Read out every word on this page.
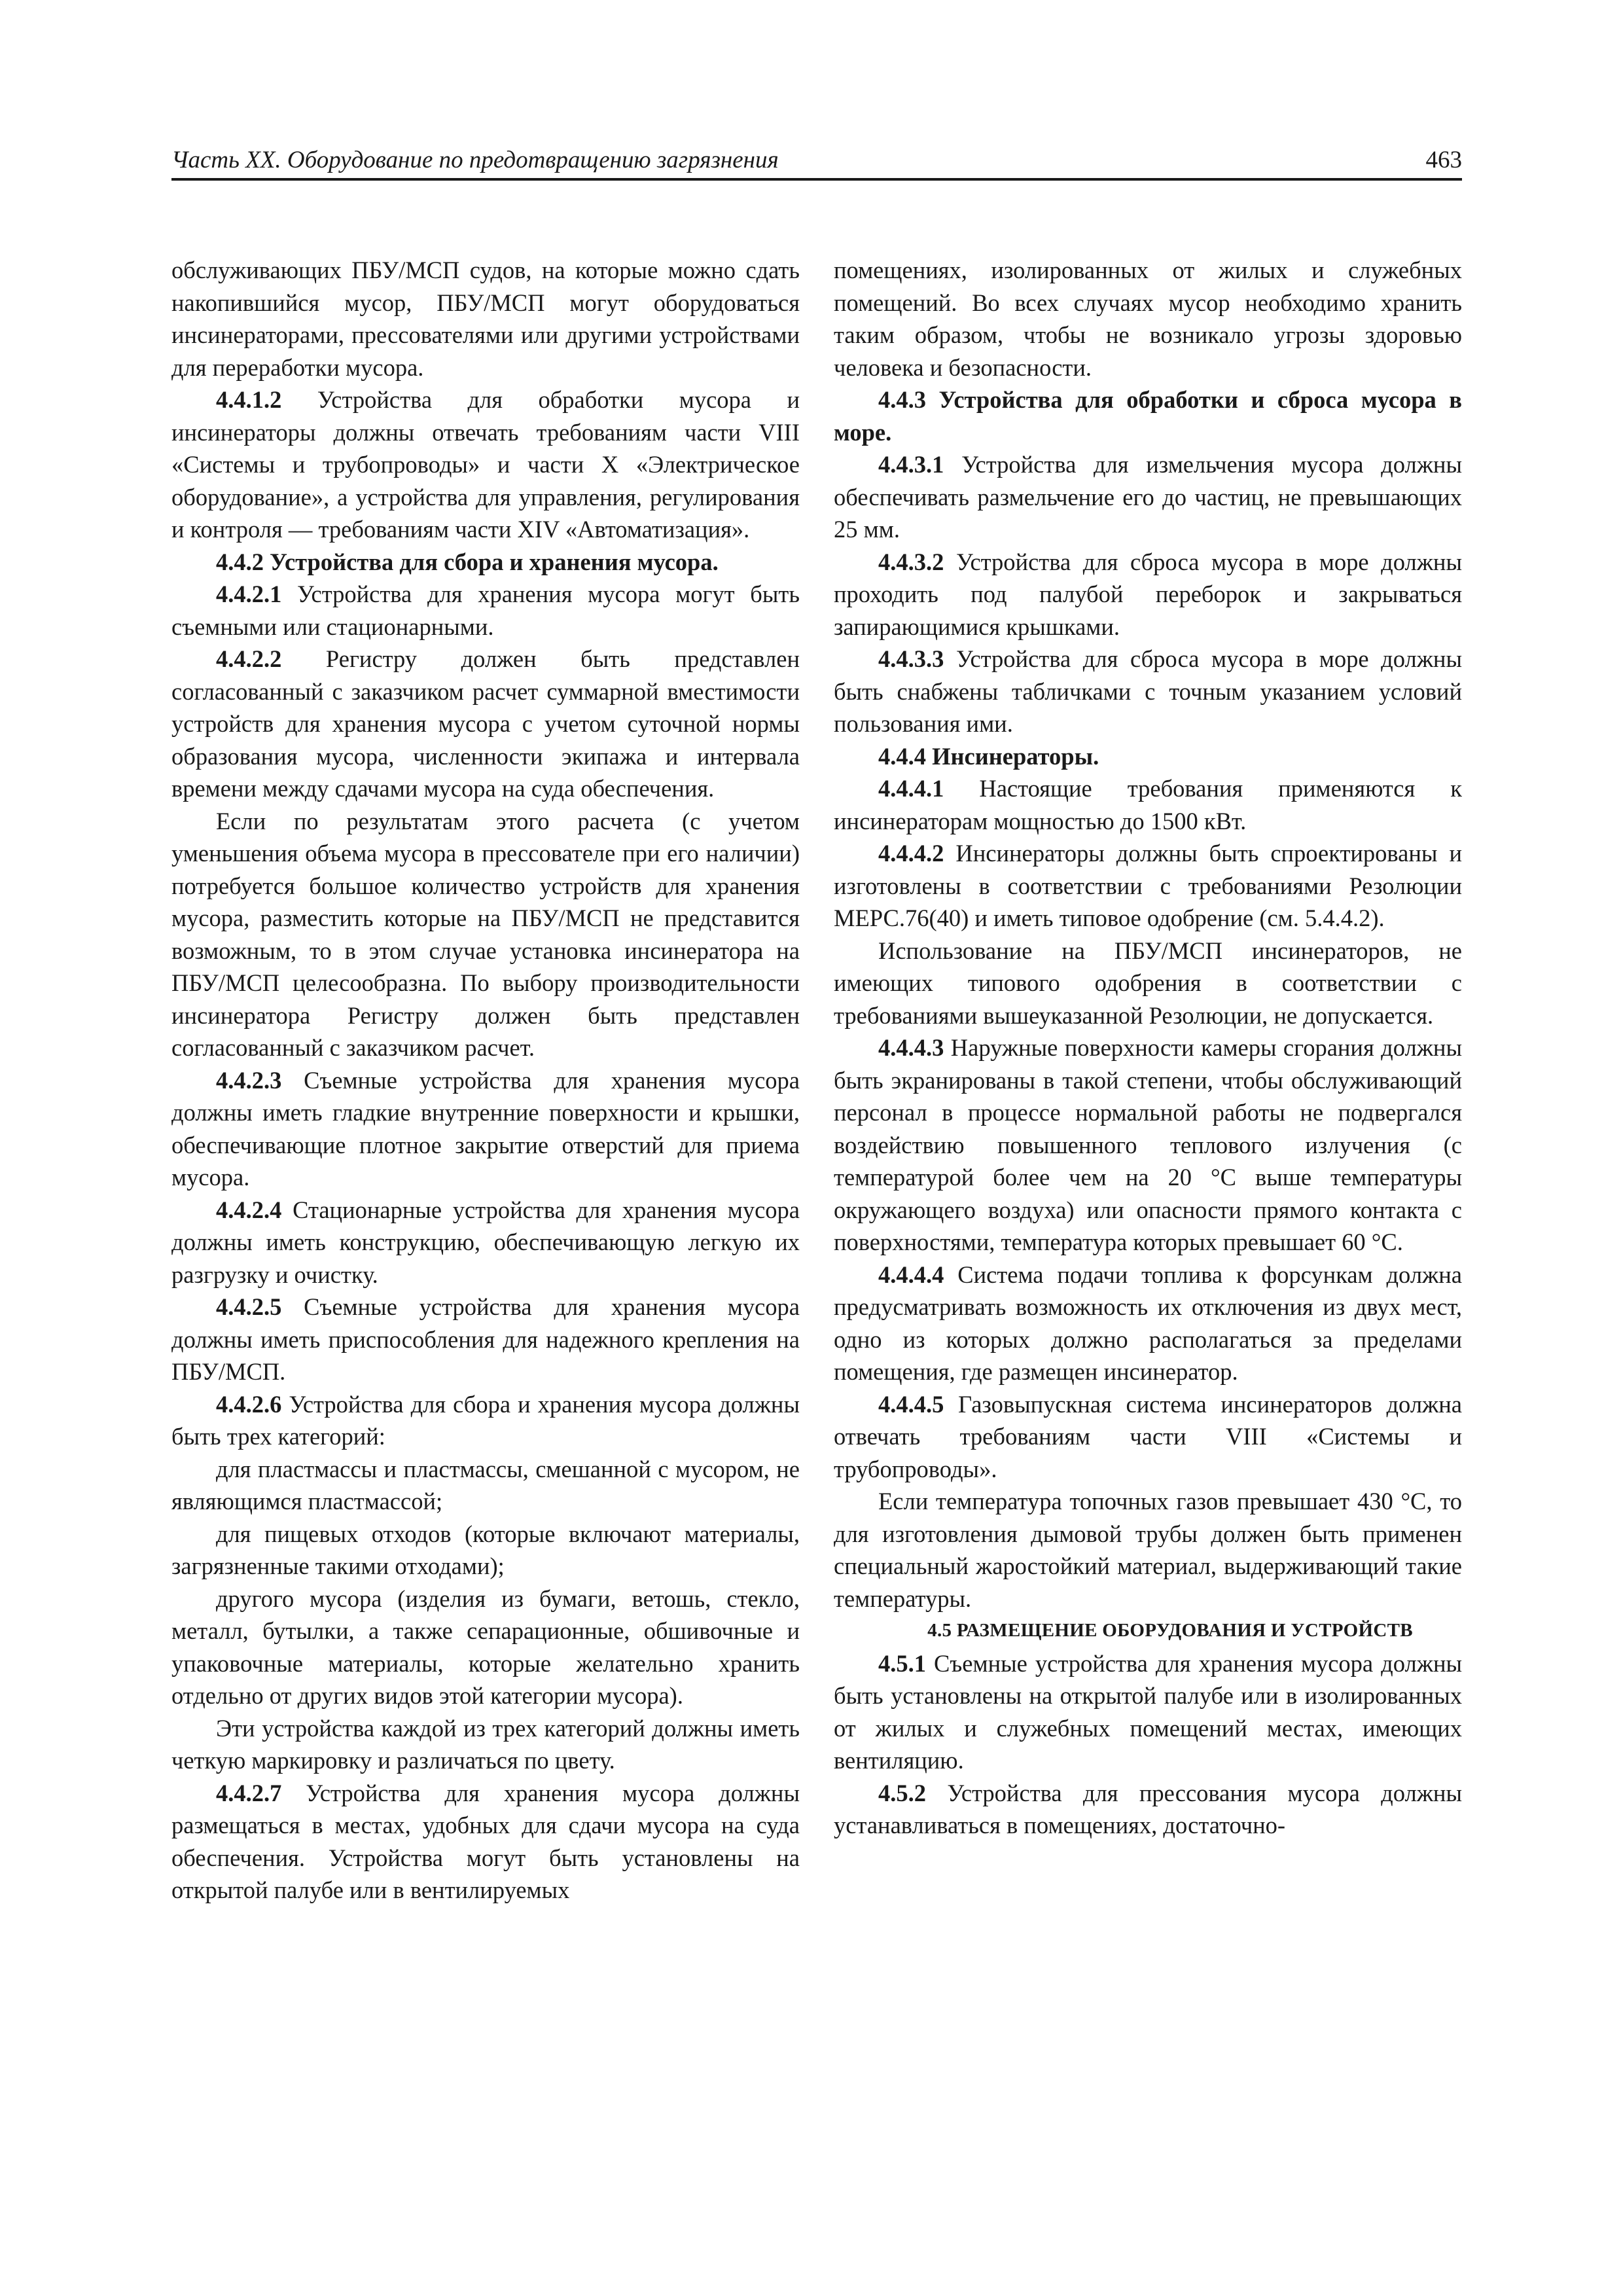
Часть XX. Оборудование по предотвращению загрязнения	463

обслуживающих ПБУ/МСП судов, на которые можно сдать накопившийся мусор, ПБУ/МСП могут оборудоваться инсинераторами, прессователями или другими устройствами для переработки мусора.

4.4.1.2 Устройства для обработки мусора и инсинераторы должны отвечать требованиям части VIII «Системы и трубопроводы» и части X «Электрическое оборудование», а устройства для управления, регулирования и контроля — требованиям части XIV «Автоматизация».

4.4.2 Устройства для сбора и хранения мусора.

4.4.2.1 Устройства для хранения мусора могут быть съемными или стационарными.

4.4.2.2 Регистру должен быть представлен согласованный с заказчиком расчет суммарной вместимости устройств для хранения мусора с учетом суточной нормы образования мусора, численности экипажа и интервала времени между сдачами мусора на суда обеспечения.

Если по результатам этого расчета (с учетом уменьшения объема мусора в прессователе при его наличии) потребуется большое количество устройств для хранения мусора, разместить которые на ПБУ/МСП не представится возможным, то в этом случае установка инсинератора на ПБУ/МСП целесообразна. По выбору производительности инсинератора Регистру должен быть представлен согласованный с заказчиком расчет.

4.4.2.3 Съемные устройства для хранения мусора должны иметь гладкие внутренние поверхности и крышки, обеспечивающие плотное закрытие отверстий для приема мусора.

4.4.2.4 Стационарные устройства для хранения мусора должны иметь конструкцию, обеспечивающую легкую их разгрузку и очистку.

4.4.2.5 Съемные устройства для хранения мусора должны иметь приспособления для надежного крепления на ПБУ/МСП.

4.4.2.6 Устройства для сбора и хранения мусора должны быть трех категорий:

для пластмассы и пластмассы, смешанной с мусором, не являющимся пластмассой;

для пищевых отходов (которые включают материалы, загрязненные такими отходами);

другого мусора (изделия из бумаги, ветошь, стекло, металл, бутылки, а также сепарационные, обшивочные и упаковочные материалы, которые желательно хранить отдельно от других видов этой категории мусора).

Эти устройства каждой из трех категорий должны иметь четкую маркировку и различаться по цвету.

4.4.2.7 Устройства для хранения мусора должны размещаться в местах, удобных для сдачи мусора на суда обеспечения. Устройства могут быть установлены на открытой палубе или в вентилируемых

помещениях, изолированных от жилых и служебных помещений. Во всех случаях мусор необходимо хранить таким образом, чтобы не возникало угрозы здоровью человека и безопасности.

4.4.3 Устройства для обработки и сброса мусора в море.

4.4.3.1 Устройства для измельчения мусора должны обеспечивать размельчение его до частиц, не превышающих 25 мм.

4.4.3.2 Устройства для сброса мусора в море должны проходить под палубой переборок и закрываться запирающимися крышками.

4.4.3.3 Устройства для сброса мусора в море должны быть снабжены табличками с точным указанием условий пользования ими.

4.4.4 Инсинераторы.

4.4.4.1 Настоящие требования применяются к инсинераторам мощностью до 1500 кВт.

4.4.4.2 Инсинераторы должны быть спроектированы и изготовлены в соответствии с требованиями Резолюции МЕРС.76(40) и иметь типовое одобрение (см. 5.4.4.2).

Использование на ПБУ/МСП инсинераторов, не имеющих типового одобрения в соответствии с требованиями вышеуказанной Резолюции, не допускается.

4.4.4.3 Наружные поверхности камеры сгорания должны быть экранированы в такой степени, чтобы обслуживающий персонал в процессе нормальной работы не подвергался воздействию повышенного теплового излучения (с температурой более чем на 20 °С выше температуры окружающего воздуха) или опасности прямого контакта с поверхностями, температура которых превышает 60 °С.

4.4.4.4 Система подачи топлива к форсункам должна предусматривать возможность их отключения из двух мест, одно из которых должно располагаться за пределами помещения, где размещен инсинератор.

4.4.4.5 Газовыпускная система инсинераторов должна отвечать требованиям части VIII «Системы и трубопроводы».

Если температура топочных газов превышает 430 °С, то для изготовления дымовой трубы должен быть применен специальный жаростойкий материал, выдерживающий такие температуры.

4.5 РАЗМЕЩЕНИЕ ОБОРУДОВАНИЯ И УСТРОЙСТВ

4.5.1 Съемные устройства для хранения мусора должны быть установлены на открытой палубе или в изолированных от жилых и служебных помещений местах, имеющих вентиляцию.

4.5.2 Устройства для прессования мусора должны устанавливаться в помещениях, достаточно-
